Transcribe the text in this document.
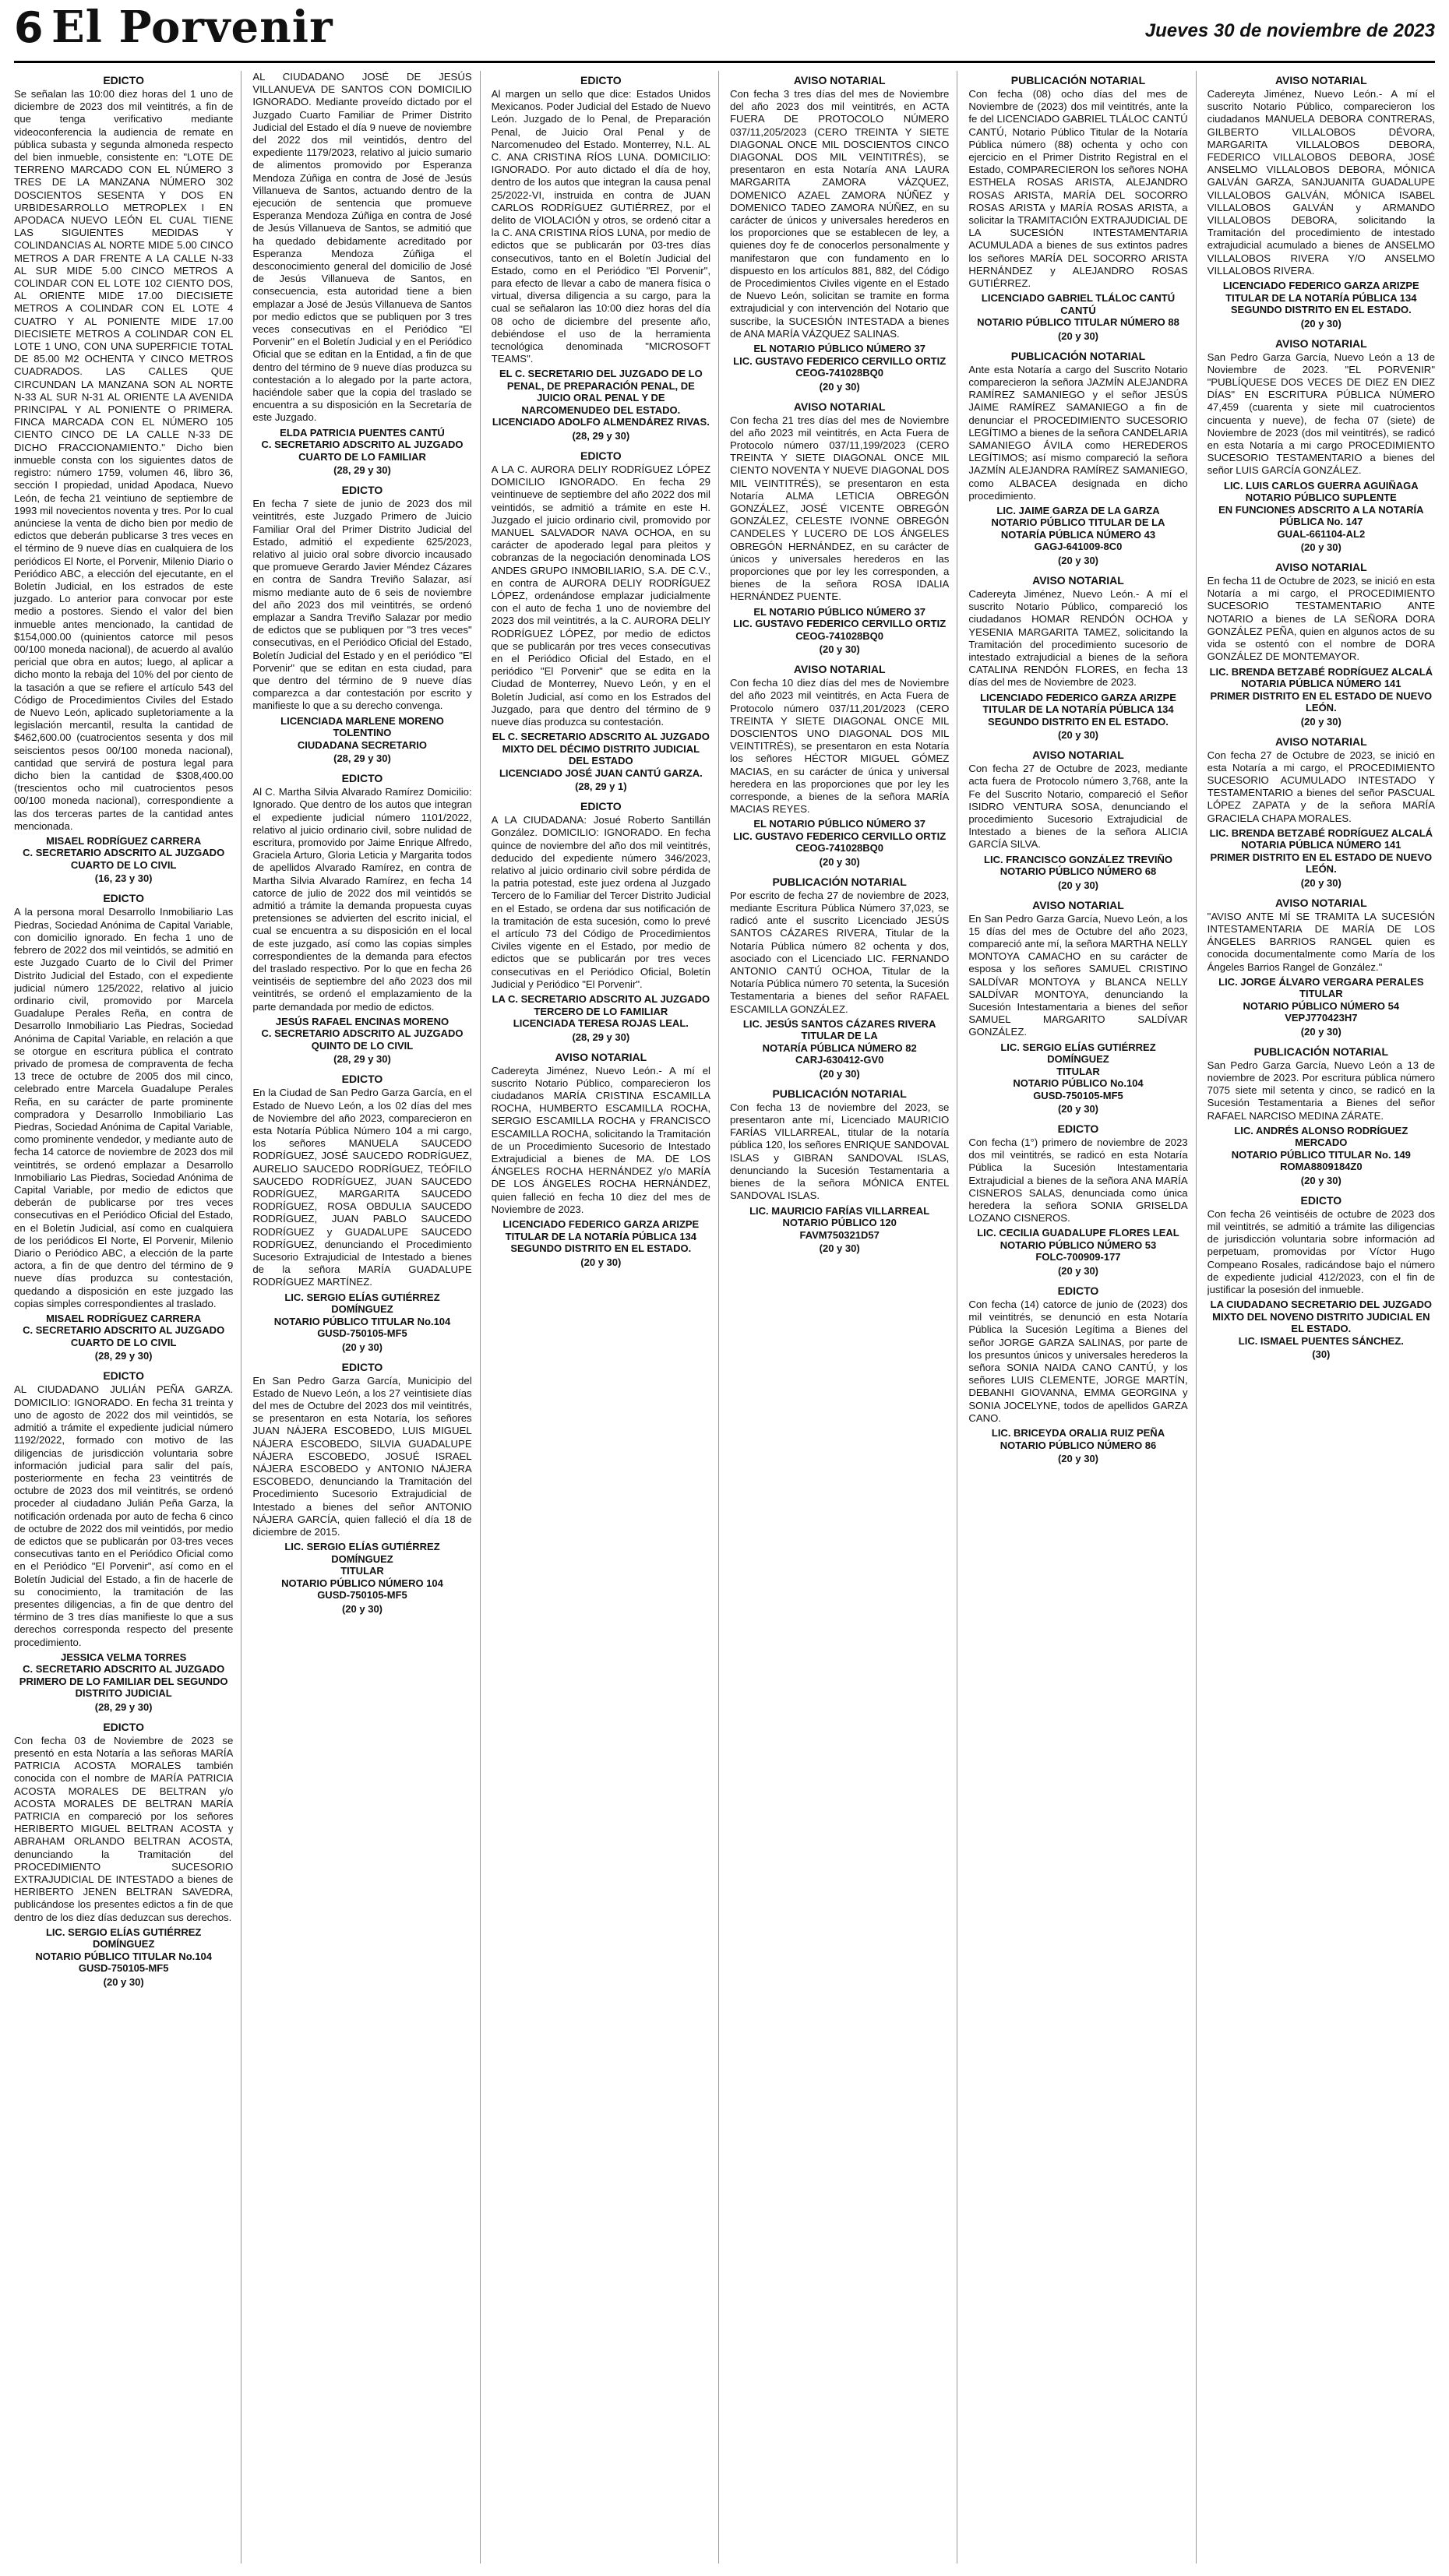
6 El Porvenir	Jueves 30 de noviembre de 2023
EDICTO
Se señalan las 10:00 diez horas del 1 uno de diciembre de 2023 dos mil veintitrés, a fin de que tenga verificativo mediante videoconferencia la audiencia de remate en pública subasta y segunda almoneda respecto del bien inmueble, consistente en: "LOTE DE TERRENO MARCADO CON EL NÚMERO 3 TRES DE LA MANZANA NÚMERO 302 DOSCIENTOS SESENTA Y DOS EN URBIDESARROLLO METROPLEX I EN APODACA NUEVO LEÓN EL CUAL TIENE LAS SIGUIENTES MEDIDAS Y COLINDANCIAS AL NORTE MIDE 5.00 CINCO METROS A DAR FRENTE A LA CALLE N-33 AL SUR MIDE 5.00 CINCO METROS A COLINDAR CON EL LOTE 102 CIENTO DOS, AL ORIENTE MIDE 17.00 DIECISIETE METROS A COLINDAR CON EL LOTE 4 CUATRO Y AL PONIENTE MIDE 17.00 DIECISIETE METROS A COLINDAR CON EL LOTE 1 UNO, CON UNA SUPERFICIE TOTAL DE 85.00 M2 OCHENTA Y CINCO METROS CUADRADOS. LAS CALLES QUE CIRCUNDAN LA MANZANA SON AL NORTE N-33 AL SUR N-31 AL ORIENTE LA AVENIDA PRINCIPAL Y AL PONIENTE O PRIMERA. FINCA MARCADA CON EL NÚMERO 105 CIENTO CINCO DE LA CALLE N-33 DE DICHO FRACCIONAMIENTO." Dicho bien inmueble consta con los siguientes datos de registro: número 1759, volumen 46, libro 36, sección I propiedad, unidad Apodaca, Nuevo León, de fecha 21 veintiuno de septiembre de 1993 mil novecientos noventa y tres. Por lo cual anúnciese la venta de dicho bien por medio de edictos que deberán publicarse 3 tres veces en el término de 9 nueve días en cualquiera de los periódicos El Norte, el Porvenir, Milenio Diario o Periódico ABC, a elección del ejecutante, en el Boletín Judicial, en los estrados de este juzgado. Lo anterior para convocar por este medio a postores. Siendo el valor del bien inmueble antes mencionado, la cantidad de $154,000.00 (quinientos catorce mil pesos 00/100 moneda nacional), de acuerdo al avalúo pericial que obra en autos; luego, al aplicar a dicho monto la rebaja del 10% del por ciento de la tasación a que se refiere el artículo 543 del Código de Procedimientos Civiles del Estado de Nuevo León, aplicado supletoriamente a la legislación mercantil, resulta la cantidad de $462,600.00 (cuatrocientos sesenta y dos mil seiscientos pesos 00/100 moneda nacional), cantidad que servirá de postura legal para dicho bien la cantidad de $308,400.00 (trescientos ocho mil cuatrocientos pesos 00/100 moneda nacional), correspondiente a las dos terceras partes de la cantidad antes mencionada.
MISAEL RODRÍGUEZ CARRERA
C. SECRETARIO ADSCRITO AL JUZGADO CUARTO DE LO CIVIL
(16, 23 y 30)
EDICTO
A la persona moral Desarrollo Inmobiliario Las Piedras, Sociedad Anónima de Capital Variable, con domicilio ignorado. En fecha 1 uno de febrero de 2022 dos mil veintidós, se admitió en este Juzgado Cuarto de lo Civil del Primer Distrito Judicial del Estado, con el expediente judicial número 125/2022, relativo al juicio ordinario civil, promovido por Marcela Guadalupe Perales Reña, en contra de Desarrollo Inmobiliario Las Piedras, Sociedad Anónima de Capital Variable, en relación a que se otorgue en escritura pública el contrato privado de promesa de compraventa de fecha 13 trece de octubre de 2005 dos mil cinco, celebrado entre Marcela Guadalupe Perales Reña, en su carácter de parte prominente compradora y Desarrollo Inmobiliario Las Piedras, Sociedad Anónima de Capital Variable, como prominente vendedor, y mediante auto de fecha 14 catorce de noviembre de 2023 dos mil veintitrés, se ordenó emplazar a Desarrollo Inmobiliario Las Piedras, Sociedad Anónima de Capital Variable, por medio de edictos que deberán de publicarse por tres veces consecutivas en el Periódico Oficial del Estado, en el Boletín Judicial, así como en cualquiera de los periódicos El Norte, El Porvenir, Milenio Diario o Periódico ABC, a elección de la parte actora, a fin de que dentro del término de 9 nueve días produzca su contestación, quedando a disposición en este juzgado las copias simples correspondientes al traslado.
MISAEL RODRÍGUEZ CARRERA
C. SECRETARIO ADSCRITO AL JUZGADO CUARTO DE LO CIVIL
(28, 29 y 30)
EDICTO
AL CIUDADANO JULIÁN PEÑA GARZA. DOMICILIO: IGNORADO. En fecha 31 treinta y uno de agosto de 2022 dos mil veintidós, se admitió a trámite el expediente judicial número 1192/2022, formado con motivo de las diligencias de jurisdicción voluntaria sobre información judicial para salir del país, posteriormente en fecha 23 veintitrés de octubre de 2023 dos mil veintitrés, se ordenó proceder al ciudadano Julián Peña Garza, la notificación ordenada por auto de fecha 6 cinco de octubre de 2022 dos mil veintidós, por medio de edictos que se publicarán por 03-tres veces consecutivas tanto en el Periódico Oficial como en el Periódico "El Porvenir", así como en el Boletín Judicial del Estado, a fin de hacerle de su conocimiento, la tramitación de las presentes diligencias, a fin de que dentro del término de 3 tres días manifieste lo que a sus derechos corresponda respecto del presente procedimiento.
JESSICA VELMA TORRES
C. SECRETARIO ADSCRITO AL JUZGADO PRIMERO DE LO FAMILIAR DEL SEGUNDO DISTRITO JUDICIAL
(28, 29 y 30)
EDICTO
Con fecha 03 de Noviembre de 2023 se presentó en esta Notaría a las señoras MARÍA PATRICIA ACOSTA MORALES también conocida con el nombre de MARÍA PATRICIA ACOSTA MORALES DE BELTRAN y/o ACOSTA MORALES DE BELTRAN MARÍA PATRICIA en compareció por los señores HERIBERTO MIGUEL BELTRAN ACOSTA y ABRAHAM ORLANDO BELTRAN ACOSTA, denunciando la Tramitación del PROCEDIMIENTO SUCESORIO EXTRAJUDICIAL DE INTESTADO a bienes de HERIBERTO JENEN BELTRAN SAVEDRA, publicándose los presentes edictos a fin de que dentro de los diez días deduzcan sus derechos.
LIC. SERGIO ELÍAS GUTIÉRREZ DOMÍNGUEZ
NOTARIO PÚBLICO TITULAR No.104
GUSD-750105-MF5
(20 y 30)
AL CIUDADANO JOSÉ DE JESÚS VILLANUEVA DE SANTOS CON DOMICILIO IGNORADO. Mediante proveído dictado por el Juzgado Cuarto Familiar de Primer Distrito Judicial del Estado el día 9 nueve de noviembre del 2022 dos mil veintidós, dentro del expediente 1179/2023, relativo al juicio sumario de alimentos promovido por Esperanza Mendoza Zúñiga en contra de José de Jesús Villanueva de Santos, actuando dentro de la ejecución de sentencia que promueve Esperanza Mendoza Zúñiga en contra de José de Jesús Villanueva de Santos, se admitió que ha quedado debidamente acreditado por Esperanza Mendoza Zúñiga el desconocimiento general del domicilio de José de Jesús Villanueva de Santos, en consecuencia, esta autoridad tiene a bien emplazar a José de Jesús Villanueva de Santos por medio edictos que se publiquen por 3 tres veces consecutivas en el Periódico "El Porvenir" en el Boletín Judicial y en el Periódico Oficial que se editan en la Entidad, a fin de que dentro del término de 9 nueve días produzca su contestación a lo alegado por la parte actora, haciéndole saber que la copia del traslado se encuentra a su disposición en la Secretaría de este Juzgado.
ELDA PATRICIA PUENTES CANTÚ
C. SECRETARIO ADSCRITO AL JUZGADO CUARTO DE LO FAMILIAR
(28, 29 y 30)
EDICTO
En fecha 7 siete de junio de 2023 dos mil veintitrés, este Juzgado Primero de Juicio Familiar Oral del Primer Distrito Judicial del Estado, admitió el expediente 625/2023, relativo al juicio oral sobre divorcio incausado que promueve Gerardo Javier Méndez Cázares en contra de Sandra Treviño Salazar, así mismo mediante auto de 6 seis de noviembre del año 2023 dos mil veintitrés, se ordenó emplazar a Sandra Treviño Salazar por medio de edictos que se publiquen por "3 tres veces" consecutivas, en el Periódico Oficial del Estado, Boletín Judicial del Estado y en el periódico "El Porvenir" que se editan en esta ciudad, para que dentro del término de 9 nueve días comparezca a dar contestación por escrito y manifieste lo que a su derecho convenga.
LICENCIADA MARLENE MORENO TOLENTINO
CIUDADANA SECRETARIO
(28, 29 y 30)
EDICTO
Al C. Martha Silvia Alvarado Ramírez Domicilio: Ignorado. Que dentro de los autos que integran el expediente judicial número 1101/2022, relativo al juicio ordinario civil, sobre nulidad de escritura, promovido por Jaime Enrique Alfredo, Graciela Arturo, Gloria Leticia y Margarita todos de apellidos Alvarado Ramírez, en contra de Martha Silvia Alvarado Ramírez, en fecha 14 catorce de julio de 2022 dos mil veintidós se admitió a trámite la demanda propuesta cuyas pretensiones se advierten del escrito inicial, el cual se encuentra a su disposición en el local de este juzgado, así como las copias simples correspondientes de la demanda para efectos del traslado respectivo. Por lo que en fecha 26 veintiséis de septiembre del año 2023 dos mil veintitrés, se ordenó el emplazamiento de la parte demandada por medio de edictos.
JESÚS RAFAEL ENCINAS MORENO
C. SECRETARIO ADSCRITO AL JUZGADO QUINTO DE LO CIVIL
(28, 29 y 30)
EDICTO
En la Ciudad de San Pedro Garza García, en el Estado de Nuevo León, a los 02 días del mes de Noviembre del año 2023, comparecieron en esta Notaría Pública Número 104 a mi cargo, los señores MANUELA SAUCEDO RODRÍGUEZ, JOSÉ SAUCEDO RODRÍGUEZ, AURELIO SAUCEDO RODRÍGUEZ, TEÓFILO SAUCEDO RODRÍGUEZ, JUAN SAUCEDO RODRÍGUEZ, MARGARITA SAUCEDO RODRÍGUEZ, ROSA OBDULIA SAUCEDO RODRÍGUEZ, JUAN PABLO SAUCEDO RODRÍGUEZ y GUADALUPE SAUCEDO RODRÍGUEZ, denunciando el Procedimiento Sucesorio Extrajudicial de Intestado a bienes de la señora MARÍA GUADALUPE RODRÍGUEZ MARTÍNEZ.
LIC. SERGIO ELÍAS GUTIÉRREZ DOMÍNGUEZ
NOTARIO PÚBLICO TITULAR No.104
GUSD-750105-MF5
(20 y 30)
EDICTO
En San Pedro Garza García, Municipio del Estado de Nuevo León, a los 27 veintisiete días del mes de Octubre del 2023 dos mil veintitrés, se presentaron en esta Notaría, los señores JUAN NÁJERA ESCOBEDO, LUIS MIGUEL NÁJERA ESCOBEDO, SILVIA GUADALUPE NÁJERA ESCOBEDO, JOSUÉ ISRAEL NÁJERA ESCOBEDO y ANTONIO NÁJERA ESCOBEDO, denunciando la Tramitación del Procedimiento Sucesorio Extrajudicial de Intestado a bienes del señor ANTONIO NÁJERA GARCÍA, quien falleció el día 18 de diciembre de 2015.
LIC. SERGIO ELÍAS GUTIÉRREZ DOMÍNGUEZ
TITULAR
NOTARIO PÚBLICO NÚMERO 104
GUSD-750105-MF5
(20 y 30)
EDICTO
Al margen un sello que dice: Estados Unidos Mexicanos. Poder Judicial del Estado de Nuevo León. Juzgado de lo Penal, de Preparación Penal, de Juicio Oral Penal y de Narcomenudeo del Estado. Monterrey, N.L. AL C. ANA CRISTINA RÍOS LUNA. DOMICILIO: IGNORADO. Por auto dictado el día de hoy, dentro de los autos que integran la causa penal 25/2022-VI, instruida en contra de JUAN CARLOS RODRÍGUEZ GUTIÉRREZ, por el delito de VIOLACIÓN y otros, se ordenó citar a la C. ANA CRISTINA RÍOS LUNA, por medio de edictos que se publicarán por 03-tres días consecutivos, tanto en el Boletín Judicial del Estado, como en el Periódico "El Porvenir", para efecto de llevar a cabo de manera física o virtual, diversa diligencia a su cargo, para la cual se señalaron las 10:00 diez horas del día 08 ocho de diciembre del presente año, debiéndose el uso de la herramienta tecnológica denominada "MICROSOFT TEAMS".
EL C. SECRETARIO DEL JUZGADO DE LO PENAL, DE PREPARACIÓN PENAL, DE JUICIO ORAL PENAL Y DE NARCOMENUDEO DEL ESTADO.
LICENCIADO ADOLFO ALMENDÁREZ RIVAS.
(28, 29 y 30)
EDICTO
A LA C. AURORA DELIY RODRÍGUEZ LÓPEZ DOMICILIO IGNORADO. En fecha 29 veintinueve de septiembre del año 2022 dos mil veintidós, se admitió a trámite en este H. Juzgado el juicio ordinario civil, promovido por MANUEL SALVADOR NAVA OCHOA, en su carácter de apoderado legal para pleitos y cobranzas de la negociación denominada LOS ANDES GRUPO INMOBILIARIO, S.A. DE C.V., en contra de AURORA DELIY RODRÍGUEZ LÓPEZ, ordenándose emplazar judicialmente con el auto de fecha 1 uno de noviembre del 2023 dos mil veintitrés, a la C. AURORA DELIY RODRÍGUEZ LÓPEZ, por medio de edictos que se publicarán por tres veces consecutivas en el Periódico Oficial del Estado, en el periódico "El Porvenir" que se edita en la Ciudad de Monterrey, Nuevo León, y en el Boletín Judicial, así como en los Estrados del Juzgado, para que dentro del término de 9 nueve días produzca su contestación.
EL C. SECRETARIO ADSCRITO AL JUZGADO MIXTO DEL DÉCIMO DISTRITO JUDICIAL DEL ESTADO
LICENCIADO JOSÉ JUAN CANTÚ GARZA.
(28, 29 y 1)
EDICTO
A LA CIUDADANA: Josué Roberto Santillán González. DOMICILIO: IGNORADO. En fecha quince de noviembre del año dos mil veintitrés, deducido del expediente número 346/2023, relativo al juicio ordinario civil sobre pérdida de la patria potestad, este juez ordena al Juzgado Tercero de lo Familiar del Tercer Distrito Judicial en el Estado, se ordena dar sus notificación de la tramitación de esta sucesión, como lo prevé el artículo 73 del Código de Procedimientos Civiles vigente en el Estado, por medio de edictos que se publicarán por tres veces consecutivas en el Periódico Oficial, Boletín Judicial y Periódico "El Porvenir".
LA C. SECRETARIO ADSCRITO AL JUZGADO TERCERO DE LO FAMILIAR
LICENCIADA TERESA ROJAS LEAL.
(28, 29 y 30)
AVISO NOTARIAL
Cadereyta Jiménez, Nuevo León.- A mí el suscrito Notario Público, comparecieron los ciudadanos MARÍA CRISTINA ESCAMILLA ROCHA, HUMBERTO ESCAMILLA ROCHA, SERGIO ESCAMILLA ROCHA y FRANCISCO ESCAMILLA ROCHA, solicitando la Tramitación de un Procedimiento Sucesorio de Intestado Extrajudicial a bienes de MA. DE LOS ÁNGELES ROCHA HERNÁNDEZ y/o MARÍA DE LOS ÁNGELES ROCHA HERNÁNDEZ, quien falleció en fecha 10 diez del mes de Noviembre de 2023.
LICENCIADO FEDERICO GARZA ARIZPE
TITULAR DE LA NOTARÍA PÚBLICA 134
SEGUNDO DISTRITO EN EL ESTADO.
(20 y 30)
AVISO NOTARIAL
Con fecha 3 tres días del mes de Noviembre del año 2023 dos mil veintitrés, en ACTA FUERA DE PROTOCOLO NÚMERO 037/11,205/2023 (CERO TREINTA Y SIETE DIAGONAL ONCE MIL DOSCIENTOS CINCO DIAGONAL DOS MIL VEINTITRÉS), se presentaron en esta Notaría ANA LAURA MARGARITA ZAMORA VÁZQUEZ, DOMENICO AZAEL ZAMORA NÚÑEZ y DOMENICO TADEO ZAMORA NÚÑEZ, en su carácter de únicos y universales herederos en los proporciones que se establecen de ley, a quienes doy fe de conocerlos personalmente y manifestaron que con fundamento en lo dispuesto en los artículos 881, 882, del Código de Procedimientos Civiles vigente en el Estado de Nuevo León, solicitan se tramite en forma extrajudicial y con intervención del Notario que suscribe, la SUCESIÓN INTESTADA a bienes de ANA MARÍA VÁZQUEZ SALINAS.
EL NOTARIO PÚBLICO NÚMERO 37
LIC. GUSTAVO FEDERICO CERVILLO ORTIZ
CEOG-741028BQ0
(20 y 30)
AVISO NOTARIAL
Con fecha 21 tres días del mes de Noviembre del año 2023 mil veintitrés, en Acta Fuera de Protocolo número 037/11,199/2023 (CERO TREINTA Y SIETE DIAGONAL ONCE MIL CIENTO NOVENTA Y NUEVE DIAGONAL DOS MIL VEINTITRÉS), se presentaron en esta Notaría ALMA LETICIA OBREGÓN GONZÁLEZ, JOSÉ VICENTE OBREGÓN GONZÁLEZ, CELESTE IVONNE OBREGÓN CANDELES Y LUCERO DE LOS ÁNGELES OBREGÓN HERNÁNDEZ, en su carácter de únicos y universales herederos en las proporciones que por ley les corresponden, a bienes de la señora ROSA IDALIA HERNÁNDEZ PUENTE.
EL NOTARIO PÚBLICO NÚMERO 37
LIC. GUSTAVO FEDERICO CERVILLO ORTIZ
CEOG-741028BQ0
(20 y 30)
AVISO NOTARIAL
Con fecha 10 diez días del mes de Noviembre del año 2023 mil veintitrés, en Acta Fuera de Protocolo número 037/11,201/2023 (CERO TREINTA Y SIETE DIAGONAL ONCE MIL DOSCIENTOS UNO DIAGONAL DOS MIL VEINTITRÉS), se presentaron en esta Notaría los señores HÉCTOR MIGUEL GÓMEZ MACIAS, en su carácter de única y universal heredera en las proporciones que por ley les corresponde, a bienes de la señora MARÍA MACIAS REYES.
EL NOTARIO PÚBLICO NÚMERO 37
LIC. GUSTAVO FEDERICO CERVILLO ORTIZ
CEOG-741028BQ0
(20 y 30)
PUBLICACIÓN NOTARIAL
Por escrito de fecha 27 de noviembre de 2023, mediante Escritura Pública Número 37,023, se radicó ante el suscrito Licenciado JESÚS SANTOS CÁZARES RIVERA, Titular de la Notaría Pública número 82 ochenta y dos, asociado con el Licenciado LIC. FERNANDO ANTONIO CANTÚ OCHOA, Titular de la Notaría Pública número 70 setenta, la Sucesión Testamentaria a bienes del señor RAFAEL ESCAMILLA GONZÁLEZ.
LIC. JESÚS SANTOS CÁZARES RIVERA
TITULAR DE LA
NOTARÍA PÚBLICA NÚMERO 82
CARJ-630412-GV0
(20 y 30)
PUBLICACIÓN NOTARIAL
Con fecha 13 de noviembre del 2023, se presentaron ante mí, Licenciado MAURICIO FARÍAS VILLARREAL, titular de la notaría pública 120, los señores ENRIQUE SANDOVAL ISLAS y GIBRAN SANDOVAL ISLAS, denunciando la Sucesión Testamentaria a bienes de la señora MÓNICA ENTEL SANDOVAL ISLAS.
LIC. MAURICIO FARÍAS VILLARREAL
NOTARIO PÚBLICO 120
FAVM750321D57
(20 y 30)
PUBLICACIÓN NOTARIAL
Con fecha (08) ocho días del mes de Noviembre de (2023) dos mil veintitrés, ante la fe del LICENCIADO GABRIEL TLÁLOC CANTÚ CANTÚ, Notario Público Titular de la Notaría Pública número (88) ochenta y ocho con ejercicio en el Primer Distrito Registral en el Estado, COMPARECIERON los señores NOHA ESTHELA ROSAS ARISTA, ALEJANDRO ROSAS ARISTA, MARÍA DEL SOCORRO ROSAS ARISTA y MARÍA ROSAS ARISTA, a solicitar la TRAMITACIÓN EXTRAJUDICIAL DE LA SUCESIÓN INTESTAMENTARIA ACUMULADA a bienes de sus extintos padres los señores MARÍA DEL SOCORRO ARISTA HERNÁNDEZ y ALEJANDRO ROSAS GUTIÉRREZ.
LICENCIADO GABRIEL TLÁLOC CANTÚ CANTÚ
NOTARIO PÚBLICO TITULAR NÚMERO 88
(20 y 30)
PUBLICACIÓN NOTARIAL
Ante esta Notaría a cargo del Suscrito Notario comparecieron la señora JAZMÍN ALEJANDRA RAMÍREZ SAMANIEGO y el señor JESÚS JAIME RAMÍREZ SAMANIEGO a fin de denunciar el PROCEDIMIENTO SUCESORIO LEGÍTIMO a bienes de la señora CANDELARIA SAMANIEGO ÁVILA como HEREDEROS LEGÍTIMOS; así mismo compareció la señora JAZMÍN ALEJANDRA RAMÍREZ SAMANIEGO, como ALBACEA designada en dicho procedimiento.
LIC. JAIME GARZA DE LA GARZA
NOTARIO PÚBLICO TITULAR DE LA NOTARÍA PÚBLICA NÚMERO 43
GAGJ-641009-8C0
(20 y 30)
AVISO NOTARIAL
Cadereyta Jiménez, Nuevo León.- A mí el suscrito Notario Público, compareció los ciudadanos HOMAR RENDÓN OCHOA y YESENIA MARGARITA TAMEZ, solicitando la Tramitación del procedimiento sucesorio de intestado extrajudicial a bienes de la señora CATALINA RENDÓN FLORES, en fecha 13 días del mes de Noviembre de 2023.
LICENCIADO FEDERICO GARZA ARIZPE
TITULAR DE LA NOTARÍA PÚBLICA 134
SEGUNDO DISTRITO EN EL ESTADO.
(20 y 30)
AVISO NOTARIAL
Con fecha 27 de Octubre de 2023, mediante acta fuera de Protocolo número 3,768, ante la Fe del Suscrito Notario, compareció el Señor ISIDRO VENTURA SOSA, denunciando el procedimiento Sucesorio Extrajudicial de Intestado a bienes de la señora ALICIA GARCÍA SILVA.
LIC. FRANCISCO GONZÁLEZ TREVIÑO
NOTARIO PÚBLICO NÚMERO 68
(20 y 30)
AVISO NOTARIAL
En San Pedro Garza García, Nuevo León, a los 15 días del mes de Octubre del año 2023, compareció ante mí, la señora MARTHA NELLY MONTOYA CAMACHO en su carácter de esposa y los señores SAMUEL CRISTINO SALDÍVAR MONTOYA y BLANCA NELLY SALDÍVAR MONTOYA, denunciando la Sucesión Intestamentaria a bienes del señor SAMUEL MARGARITO SALDÍVAR GONZÁLEZ.
LIC. SERGIO ELÍAS GUTIÉRREZ DOMÍNGUEZ
TITULAR
NOTARIO PÚBLICO No.104
GUSD-750105-MF5
(20 y 30)
EDICTO
Con fecha (1°) primero de noviembre de 2023 dos mil veintitrés, se radicó en esta Notaría Pública la Sucesión Intestamentaria Extrajudicial a bienes de la señora ANA MARÍA CISNEROS SALAS, denunciada como única heredera la señora SONIA GRISELDA LOZANO CISNEROS.
LIC. CECILIA GUADALUPE FLORES LEAL
NOTARIO PÚBLICO NÚMERO 53
FOLC-700909-177
(20 y 30)
EDICTO
Con fecha (14) catorce de junio de (2023) dos mil veintitrés, se denunció en esta Notaría Pública la Sucesión Legítima a Bienes del señor JORGE GARZA SALINAS, por parte de los presuntos únicos y universales herederos la señora SONIA NAIDA CANO CANTÚ, y los señores LUIS CLEMENTE, JORGE MARTÍN, DEBANHI GIOVANNA, EMMA GEORGINA y SONIA JOCELYNE, todos de apellidos GARZA CANO.
LIC. BRICEYDA ORALIA RUIZ PEÑA
NOTARIO PÚBLICO NÚMERO 86
(20 y 30)
AVISO NOTARIAL
Cadereyta Jiménez, Nuevo León.- A mí el suscrito Notario Público, comparecieron los ciudadanos MANUELA DEBORA CONTRERAS, GILBERTO VILLALOBOS DÉVORA, MARGARITA VILLALOBOS DEBORA, FEDERICO VILLALOBOS DEBORA, JOSÉ ANSELMO VILLALOBOS DEBORA, MÓNICA GALVÁN GARZA, SANJUANITA GUADALUPE VILLALOBOS GALVÁN, MÓNICA ISABEL VILLALOBOS GALVÁN y ARMANDO VILLALOBOS DEBORA, solicitando la Tramitación del procedimiento de intestado extrajudicial acumulado a bienes de ANSELMO VILLALOBOS RIVERA Y/O ANSELMO VILLALOBOS RIVERA.
LICENCIADO FEDERICO GARZA ARIZPE
TITULAR DE LA NOTARÍA PÚBLICA 134
SEGUNDO DISTRITO EN EL ESTADO.
(20 y 30)
AVISO NOTARIAL
San Pedro Garza García, Nuevo León a 13 de Noviembre de 2023. "EL PORVENIR" "PUBLÍQUESE DOS VECES DE DIEZ EN DIEZ DÍAS" EN ESCRITURA PÚBLICA NÚMERO 47,459 (cuarenta y siete mil cuatrocientos cincuenta y nueve), de fecha 07 (siete) de Noviembre de 2023 (dos mil veintitrés), se radicó en esta Notaría a mi cargo PROCEDIMIENTO SUCESORIO TESTAMENTARIO a bienes del señor LUIS GARCÍA GONZÁLEZ.
LIC. LUIS CARLOS GUERRA AGUIÑAGA
NOTARIO PÚBLICO SUPLENTE
EN FUNCIONES ADSCRITO A LA NOTARÍA PÚBLICA No. 147
GUAL-661104-AL2
(20 y 30)
AVISO NOTARIAL
En fecha 11 de Octubre de 2023, se inició en esta Notaría a mi cargo, el PROCEDIMIENTO SUCESORIO TESTAMENTARIO ANTE NOTARIO a bienes de LA SEÑORA DORA GONZÁLEZ PEÑA, quien en algunos actos de su vida se ostentó con el nombre de DORA GONZÁLEZ DE MONTEMAYOR.
LIC. BRENDA BETZABÉ RODRÍGUEZ ALCALÁ
NOTARIA PÚBLICA NÚMERO 141
PRIMER DISTRITO EN EL ESTADO DE NUEVO LEÓN.
(20 y 30)
AVISO NOTARIAL
Con fecha 27 de Octubre de 2023, se inició en esta Notaría a mi cargo, el PROCEDIMIENTO SUCESORIO ACUMULADO INTESTADO Y TESTAMENTARIO a bienes del señor PASCUAL LÓPEZ ZAPATA y de la señora MARÍA GRACIELA CHAPA MORALES.
LIC. BRENDA BETZABÉ RODRÍGUEZ ALCALÁ
NOTARIA PÚBLICA NÚMERO 141
PRIMER DISTRITO EN EL ESTADO DE NUEVO LEÓN.
(20 y 30)
AVISO NOTARIAL
"AVISO ANTE MÍ SE TRAMITA LA SUCESIÓN INTESTAMENTARIA DE MARÍA DE LOS ÁNGELES BARRIOS RANGEL quien es conocida documentalmente como María de los Ángeles Barrios Rangel de González."
LIC. JORGE ÁLVARO VERGARA PERALES
TITULAR
NOTARIO PÚBLICO NÚMERO 54
VEPJ770423H7
(20 y 30)
PUBLICACIÓN NOTARIAL
San Pedro Garza García, Nuevo León a 13 de noviembre de 2023. Por escritura pública número 7075 siete mil setenta y cinco, se radicó en la Sucesión Testamentaria a Bienes del señor RAFAEL NARCISO MEDINA ZÁRATE.
LIC. ANDRÉS ALONSO RODRÍGUEZ MERCADO
NOTARIO PÚBLICO TITULAR No. 149
ROMA8809184Z0
(20 y 30)
EDICTO
Con fecha 26 veintiséis de octubre de 2023 dos mil veintitrés, se admitió a trámite las diligencias de jurisdicción voluntaria sobre información ad perpetuam, promovidas por Víctor Hugo Compeano Rosales, radicándose bajo el número de expediente judicial 412/2023, con el fin de justificar la posesión del inmueble.
LA CIUDADANO SECRETARIO DEL JUZGADO MIXTO DEL NOVENO DISTRITO JUDICIAL EN EL ESTADO.
LIC. ISMAEL PUENTES SÁNCHEZ.
(30)
